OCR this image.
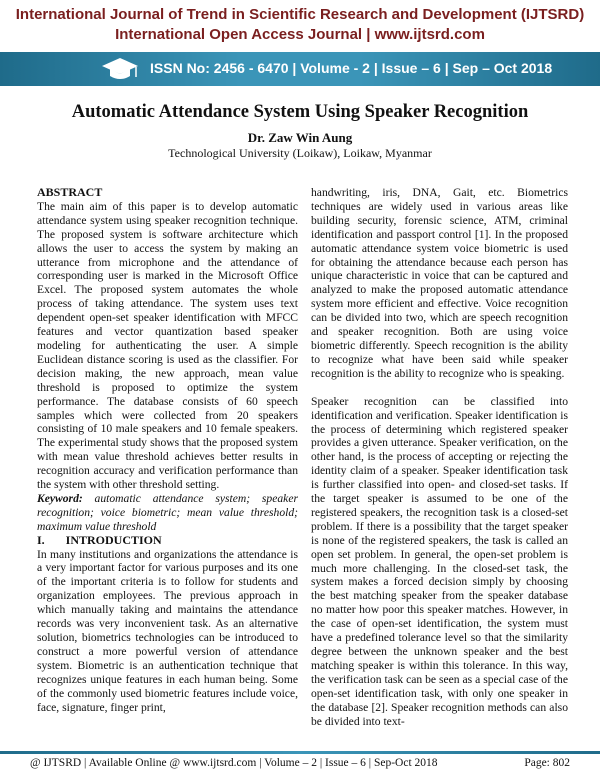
International Journal of Trend in Scientific Research and Development (IJTSRD)
International Open Access Journal | www.ijtsrd.com
ISSN No: 2456 - 6470 | Volume - 2 | Issue – 6 | Sep – Oct 2018
Automatic Attendance System Using Speaker Recognition
Dr. Zaw Win Aung
Technological University (Loikaw), Loikaw, Myanmar

ABSTRACT

The main aim of this paper is to develop automatic attendance system using speaker recognition technique. The proposed system is software architecture which allows the user to access the system by making an utterance from microphone and the attendance of corresponding user is marked in the Microsoft Office Excel. The proposed system automates the whole process of taking attendance. The system uses text dependent open-set speaker identification with MFCC features and vector quantization based speaker modeling for authenticating the user. A simple Euclidean distance scoring is used as the classifier. For decision making, the new approach, mean value threshold is proposed to optimize the system performance. The database consists of 60 speech samples which were collected from 20 speakers consisting of 10 male speakers and 10 female speakers. The experimental study shows that the proposed system with mean value threshold achieves better results in recognition accuracy and verification performance than the system with other threshold setting.

Keyword: automatic attendance system; speaker recognition; voice biometric; mean value threshold; maximum value threshold

I. INTRODUCTION

In many institutions and organizations the attendance is a very important factor for various purposes and its one of the important criteria is to follow for students and organization employees. The previous approach in which manually taking and maintains the attendance records was very inconvenient task. As an alternative solution, biometrics technologies can be introduced to construct a more powerful version of attendance system. Biometric is an authentication technique that recognizes unique features in each human being. Some of the commonly used biometric features include voice, face, signature, finger print,

handwriting, iris, DNA, Gait, etc. Biometrics techniques are widely used in various areas like building security, forensic science, ATM, criminal identification and passport control [1]. In the proposed automatic attendance system voice biometric is used for obtaining the attendance because each person has unique characteristic in voice that can be captured and analyzed to make the proposed automatic attendance system more efficient and effective. Voice recognition can be divided into two, which are speech recognition and speaker recognition. Both are using voice biometric differently. Speech recognition is the ability to recognize what have been said while speaker recognition is the ability to recognize who is speaking.

Speaker recognition can be classified into identification and verification. Speaker identification is the process of determining which registered speaker provides a given utterance. Speaker verification, on the other hand, is the process of accepting or rejecting the identity claim of a speaker. Speaker identification task is further classified into open- and closed-set tasks. If the target speaker is assumed to be one of the registered speakers, the recognition task is a closed-set problem. If there is a possibility that the target speaker is none of the registered speakers, the task is called an open set problem. In general, the open-set problem is much more challenging. In the closed-set task, the system makes a forced decision simply by choosing the best matching speaker from the speaker database no matter how poor this speaker matches. However, in the case of open-set identification, the system must have a predefined tolerance level so that the similarity degree between the unknown speaker and the best matching speaker is within this tolerance. In this way, the verification task can be seen as a special case of the open-set identification task, with only one speaker in the database [2]. Speaker recognition methods can also be divided into text-

@ IJTSRD | Available Online @ www.ijtsrd.com | Volume – 2 | Issue – 6 | Sep-Oct 2018	Page: 802
